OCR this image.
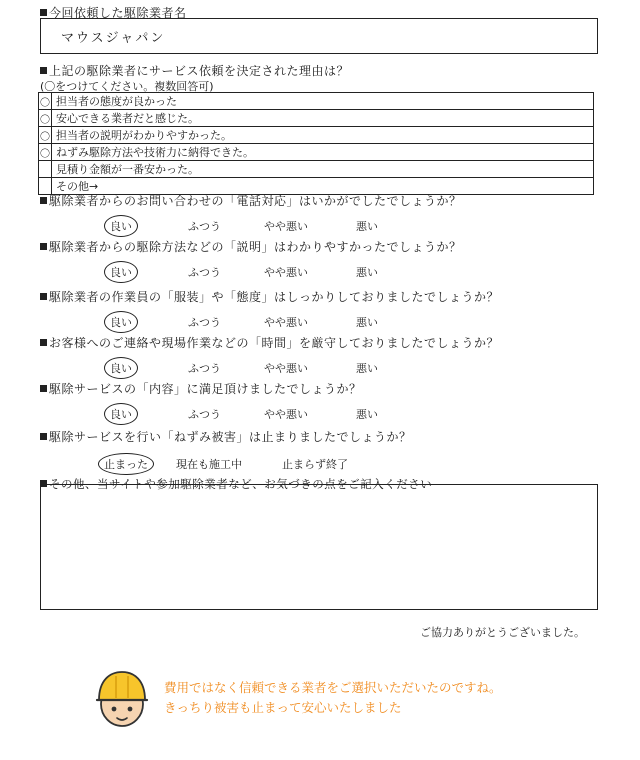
今回依頼した駆除業者名
マウスジャパン
上記の駆除業者にサービス依頼を決定された理由は？
(〇をつけてください。複数回答可)
〇	担当者の態度が良かった
〇	安心できる業者だと感じた。
〇	担当者の説明がわかりやすかった。
〇	ねずみ駆除方法や技術力に納得できた。
	見積り金額が一番安かった。
	その他→
駆除業者からのお問い合わせの「電話対応」はいかがでしたでしょうか？
良い	ふつう	やや悪い	悪い
駆除業者からの駆除方法などの「説明」はわかりやすかったでしょうか？
良い	ふつう	やや悪い	悪い
駆除業者の作業員の「服装」や「態度」はしっかりしておりましたでしょうか？
良い	ふつう	やや悪い	悪い
お客様へのご連絡や現場作業などの「時間」を厳守しておりましたでしょうか？
良い	ふつう	やや悪い	悪い
駆除サービスの「内容」に満足頂けましたでしょうか？
良い	ふつう	やや悪い	悪い
駆除サービスを行い「ねずみ被害」は止まりましたでしょうか？
止まった	現在も施工中	止まらず終了
その他、当サイトや参加駆除業者など、お気づきの点をご記入ください
ご協力ありがとうございました。
費用ではなく信頼できる業者をご選択いただいたのですね。
きっちり被害も止まって安心いたしました
